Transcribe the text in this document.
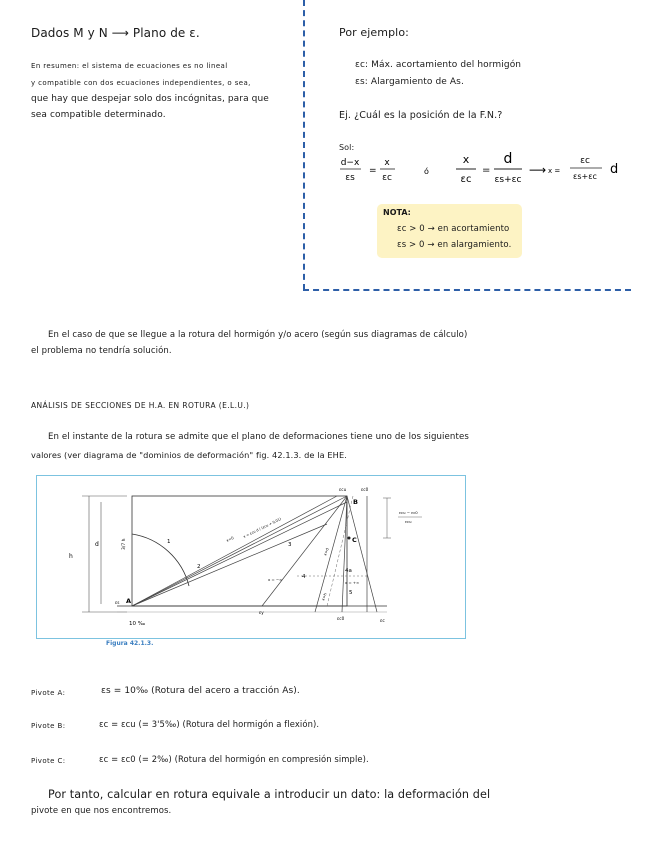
Dados M y N ⟶ Plano de ε.
En resumen: el sistema de ecuaciones es no lineal
y compatible con dos ecuaciones independientes, o sea,
que hay que despejar solo dos incógnitas, para que
sea compatible determinado.
Por ejemplo:
εc: Máx. acortamiento del hormigón
εs: Alargamiento de As.
Ej. ¿Cuál es la posición de la F.N.?
Sol:
d−x
εs
=
x
εc
ó
x
εc
=
d
εs+εc
⟶ x =
εc
εs+εc d
NOTA:
εc > 0 → en acortamiento
εs > 0 → en alargamiento.
En el caso de que se llegue a la rotura del hormigón y/o acero (según sus diagramas de cálculo)
el problema no tendría solución.
ANÁLISIS DE SECCIONES DE H.A. EN ROTURA (E.L.U.)
En el instante de la rotura se admite que el plano de deformaciones tiene uno de los siguientes
valores (ver diagrama de "dominios de deformación" fig. 42.1.3. de la EHE.
h
d	3/7 h
A
B
C
1
2
3
4
4a
5
x=0
x = εcu d / (εcu + 0,01)
x=d
x = −∞
x=h
x = +∞
εcu	εc0
εy
εs
εc0
εc
10 ‰
εcu − εc0
εcu
Figura 42.1.3.
Pivote A:	εs = 10‰ (Rotura del acero a tracción As).
Pivote B:	εc = εcu (= 3'5‰) (Rotura del hormigón a flexión).
Pivote C:	εc = εc0 (= 2‰) (Rotura del hormigón en compresión simple).
Por tanto, calcular en rotura equivale a introducir un dato: la deformación del
pivote en que nos encontremos.
